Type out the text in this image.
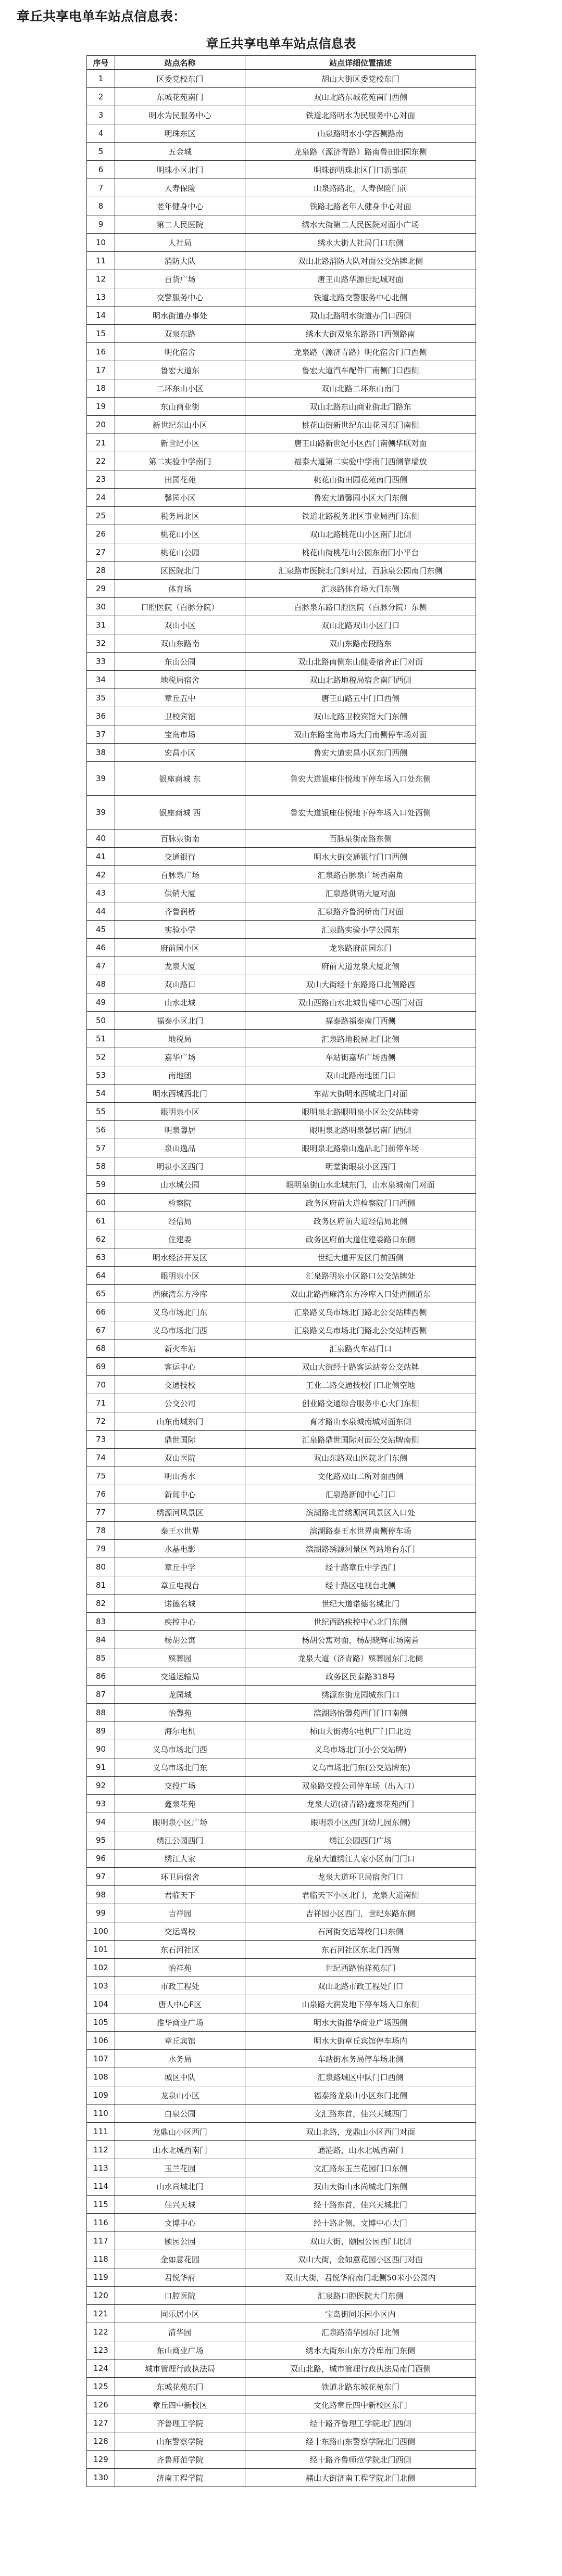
章丘共享电单车站点信息表：
章丘共享电单车站点信息表
序号	站点名称	站点详细位置描述
1	区委党校东门	胡山大街区委党校东门
2	东城花苑南门	双山北路东城花苑南门西侧
3	明水为民服务中心	铁道北路明水为民服务中心对面
4	明珠东区	山泉路明水小学西侧路南
5	五金城	龙泉路（源济青路）路南鲁田旧园东侧
6	明珠小区北门	明珠街明珠北区门口沥部前
7	人寿保险	山泉路路北，人寿保险门前
8	老年健身中心	铁路北路老年人健身中心对面
9	第二人民医院	绣水大街第二人民医院对面小广场
10	人社局	绣水大街人社局门口东侧
11	消防大队	双山北路消防大队对面公交站牌北侧
12	百货广场	唐王山路华源世纪城对面
13	交警服务中心	铁道北路交警服务中心北侧
14	明水街道办事处	双山北路明水街道办门口西侧
15	双泉东路	绣水大街双泉东路路口西侧路南
16	明化宿舍	龙泉路（源济青路）明化宿舍门口西侧
17	鲁宏大道东	鲁宏大道汽车配件厂南侧门口西侧
18	二环东山小区	双山北路二环东山南门
19	东山商业街	双山北路东山商业街北门路东
20	新世纪东山小区	桃花山街新世纪东山花园东门南侧
21	新世纪小区	唐王山路新世纪小区西门南侧华联对面
22	第二实验中学南门	福泰大道第二实验中学南门西侧靠墙放
23	田园花苑	桃花山街田园花苑南门西侧
24	馨园小区	鲁宏大道馨园小区大门东侧
25	税务局北区	铁道北路税务北区事业局西门东侧
26	桃花山小区	双山北路桃花山小区南门北侧
27	桃花山公园	桃花山街桃花山公园东南门小平台
28	区医院北门	汇泉路市医院北门斜对过，百脉泉公园南门东侧
29	体育场	汇泉路体育场大门东侧
30	口腔医院（百脉分院）	百脉泉东路口腔医院（百脉分院）东侧
31	双山小区	双山北路双山小区门口
32	双山东路南	双山东路南段路东
33	东山公园	双山北路南侧东山健委宿舍正门对面
34	地税局宿舍	双山北路地税局宿舍南门西侧
35	章丘五中	唐王山路五中门口西侧
36	卫校宾馆	双山北路卫校宾馆大门东侧
37	宝岛市场	双山东路宝岛市场大门南侧停车场对面
38	宏昌小区	鲁宏大道宏昌小区东门西侧
39	银座商城 东	鲁宏大道银座佳悦地下停车场入口处东侧
39	银座商城 西	鲁宏大道银座佳悦地下停车场入口处西侧
40	百脉泉街南	百脉泉街南路东侧
41	交通银行	明水大街交通银行门口西侧
42	百脉泉广场	汇泉路百脉泉广场西南角
43	供销大厦	汇泉路供销大厦对面
44	齐鲁润桥	汇泉路齐鲁润桥南门对面
45	实验小学	汇泉路实验小学公园东
46	府前园小区	龙泉路府前园东门
47	龙泉大厦	府前大道龙泉大厦北侧
48	双山路口	双山大街经十东路路口北侧路西
49	山水北城	双山西路山水北城售楼中心西门对面
50	福泰小区北门	福泰路福泰南门西侧
51	地税局	汇泉路地税局北门北侧
52	嘉华广场	车站街嘉华广场西侧
53	南地团	双山北路南地团门口
54	明水西城西北门	车站大街明水西城北门对面
55	眼明泉小区	眼明泉北路眼明泉小区公交站牌旁
56	明泉馨居	眼明泉北路明泉馨居南门西侧
57	泉山逸品	眼明泉北路泉山逸品北门前停车场
58	明泉小区西门	明堂街眼泉小区西门
59	山水城公园	眼明泉街山水北城东门，山水泉城南门对面
60	检察院	政务区府前大道检察院门口西侧
61	经信局	政务区府前大道经信局北侧
62	住建委	政务区府前大道住建委路口东侧
63	明水经济开发区	世纪大道开发区门前西侧
64	眼明泉小区	汇泉路明泉小区路口公交站牌处
65	西麻湾东方冷库	双山北路西麻湾东方冷库入口处西侧道东
66	义乌市场北门东	汇泉路义乌市场北门路北公交站牌西侧
67	义乌市场北门西	汇泉路义乌市场北门路北公交站牌西侧
68	新火车站	汇泉路火车站门口
69	客运中心	双山大街经十路客运站旁公交站牌
70	交通技校	工业二路交通技校门口北侧空地
71	公交公司	创业路交通综合服务中心大门东侧
72	山东南城东门	育才路山水泉城南城对面东侧
73	鼎世国际	汇泉路鼎世国际对面公交站牌南侧
74	双山医院	双山东路双山医院北门东侧
75	明山秀水	文化路双山二所对面西侧
76	新闻中心	汇泉路新闻中心门口
77	绣源河风景区	滨湖路北首绣源河风景区入口处
78	泰王水世界	滨湖路泰王水世界南侧停车场
79	水晶电影	滨湖路绣源河景区驾站地台东门
80	章丘中学	经十路章丘中学西门
81	章丘电视台	经十路区电视台北侧
82	诺德名城	世纪大道诺德名城北门
83	疾控中心	世纪西路疾控中心北门东侧
84	杨胡公寓	杨胡公寓对面，杨胡晓辉市场南首
85	殡葬园	龙泉大道（济青路）殡葬园东门北侧
86	交通运输局	政务区民泰路318号
87	龙园城	绣源东街龙园城东门口
88	怡馨苑	滨湖路怡馨苑西门门口南侧
89	海尔电机	柿山大街海尔电机厂门口北边
90	义乌市场北门西	义乌市场北门(小公交站牌)
91	义乌市场北门东	义乌市场北门东(公交站牌东)
92	交投广场	双泉路交投公司停车场（出入口）
93	鑫泉花苑	龙泉大道(济青路)鑫泉花苑西门
94	眼明泉小区广场	眼明泉小区西门(幼儿园东侧)
95	绣江公园西门	绣江公园西门广场
96	绣江人家	龙泉大道绣江人家小区南门门口
97	环卫局宿舍	龙泉大道环卫局宿舍门口
98	君临天下	君临天下小区北门，龙泉大道南侧
99	吉祥园	吉祥园小区西门，世纪东路东侧
100	交运驾校	石河街交运驾校门口东侧
101	东石河社区	东石河社区东北门西侧
102	怡祥苑	世纪西路怡祥苑东门
103	市政工程处	双山北路市政工程处门口
104	唐人中心F区	山泉路大润发地下停车场入口东侧
105	推华商业广场	明水大街推华商业广场西侧
106	章丘宾馆	明水大街章丘宾馆停车场内
107	水务局	车站街水务局停车场北侧
108	城区中队	汇泉路城区中队门口西侧
109	龙泉山小区	福泰路龙泉山小区东门北侧
110	白泉公园	文汇路东首，佳兴天城西门
111	龙鼎山小区西门	双山北路，龙鼎山小区西门对面
112	山水北城西南门	通港路，山水北城西南门
113	玉兰花园	文汇路东玉兰花园门口东侧
114	山水尚城北门	双山大街山水尚城北门东侧
115	佳兴天城	经十路东首，佳兴天城北门
116	文博中心	经十路北侧，文博中心大门
117	颐园公园	双山大街，颐园公园西门北侧
118	金如意花园	双山大街，金如意花园小区西门对面
119	君悦华府	双山大街，君悦华府南门北侧50米小公园内
120	口腔医院	汇泉路口腔医院大门东侧
121	同乐居小区	宝岛街同乐园小区内
122	清华园	汇泉路清华园东门北侧
123	东山商业广场	绣水大街东山东方冷库南门东侧
124	城市管理行政执法局	双山北路，城市管理行政执法局南门西侧
125	东城花苑东门	铁道北路东城花苑东门
126	章丘四中新校区	文化路章丘四中新校区东门
127	齐鲁理工学院	经十路齐鲁理工学院北门西侧
128	山东警察学院	经十东路山东警察学院北门西侧
129	齐鲁师范学院	经十路齐鲁师范学院北门西侧
130	济南工程学院	赭山大街济南工程学院北门北侧
